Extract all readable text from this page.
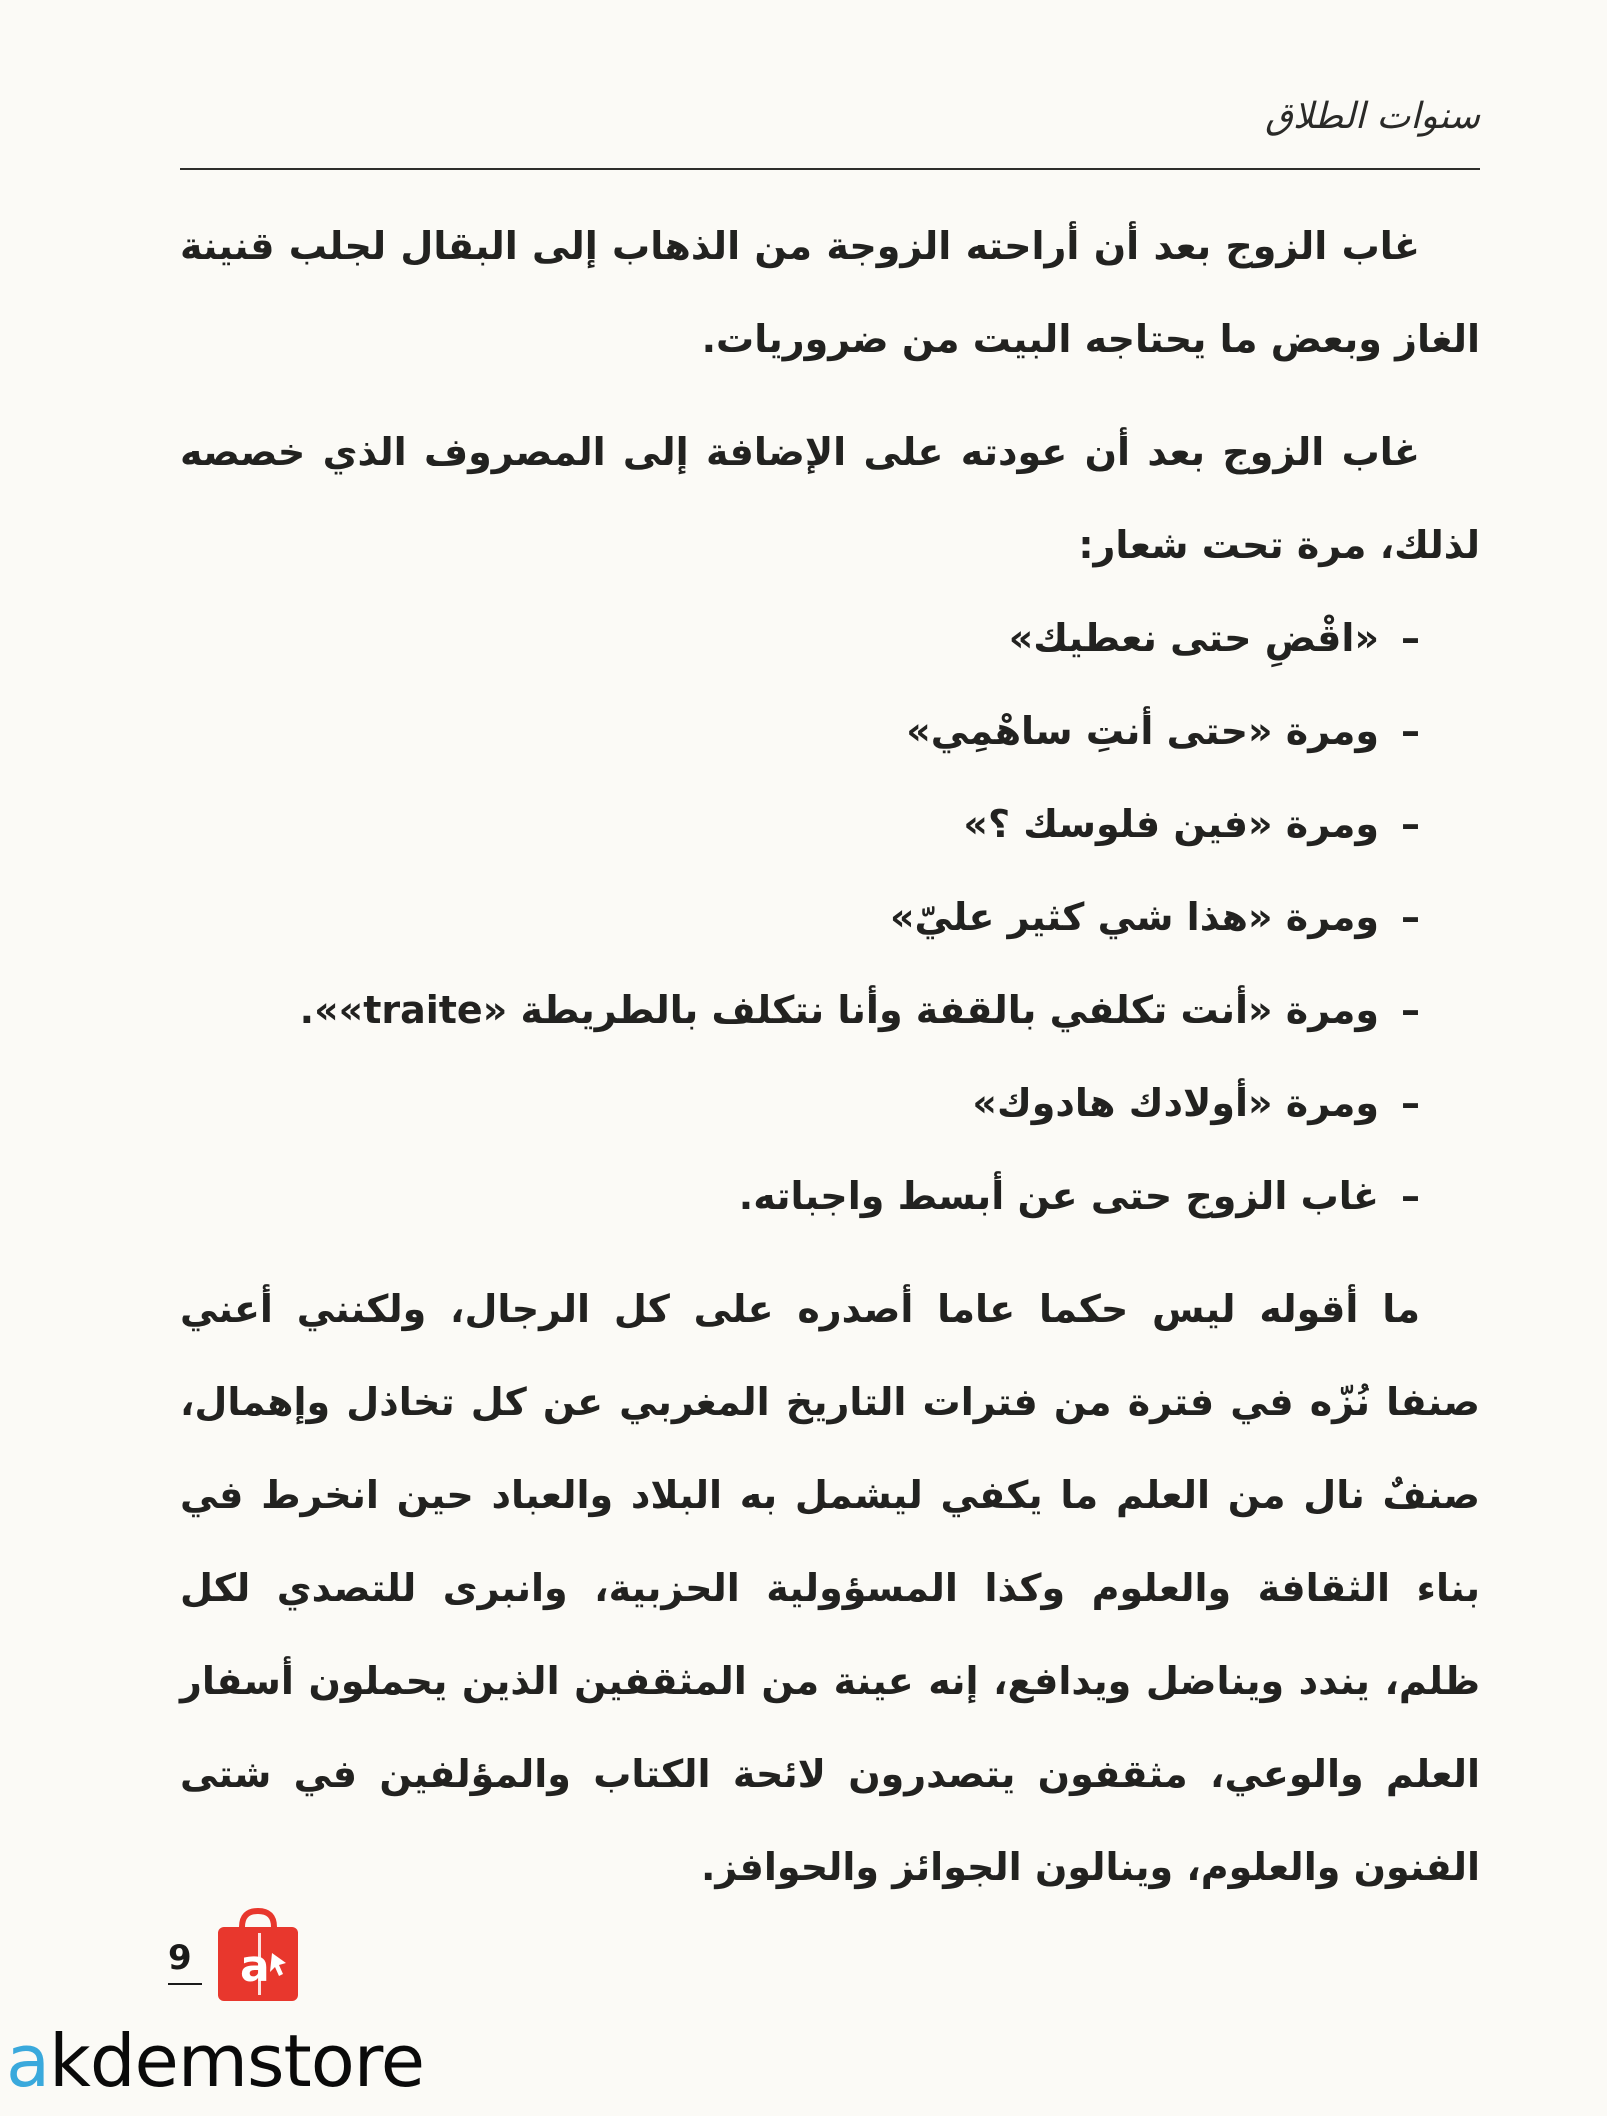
سنوات الطلاق

غاب الزوج بعد أن أراحته الزوجة من الذهاب إلى البقال لجلب قنينة الغاز وبعض ما يحتاجه البيت من ضروريات.

غاب الزوج بعد أن عودته على الإضافة إلى المصروف الذي خصصه لذلك، مرة تحت شعار:

–«اقْضِ حتى نعطيك»
–ومرة «حتى أنتِ ساهْمِي»
–ومرة «فين فلوسك ؟»
–ومرة «هذا شي كثير عليّ»
–ومرة «أنت تكلفي بالقفة وأنا نتكلف بالطريطة «traite»».
–ومرة «أولادك هادوك»
–غاب الزوج حتى عن أبسط واجباته.

ما أقوله ليس حكما عاما أصدره على كل الرجال، ولكنني أعني صنفا نُزّه في فترة من فترات التاريخ المغربي عن كل تخاذل وإهمال، صنفٌ نال من العلم ما يكفي ليشمل به البلاد والعباد حين انخرط في بناء الثقافة والعلوم وكذا المسؤولية الحزبية، وانبرى للتصدي لكل ظلم، يندد ويناضل ويدافع، إنه عينة من المثقفين الذين يحملون أسفار العلم والوعي، مثقفون يتصدرون لائحة الكتاب والمؤلفين في شتى الفنون والعلوم، وينالون الجوائز والحوافز.

9 a
akdemstore
